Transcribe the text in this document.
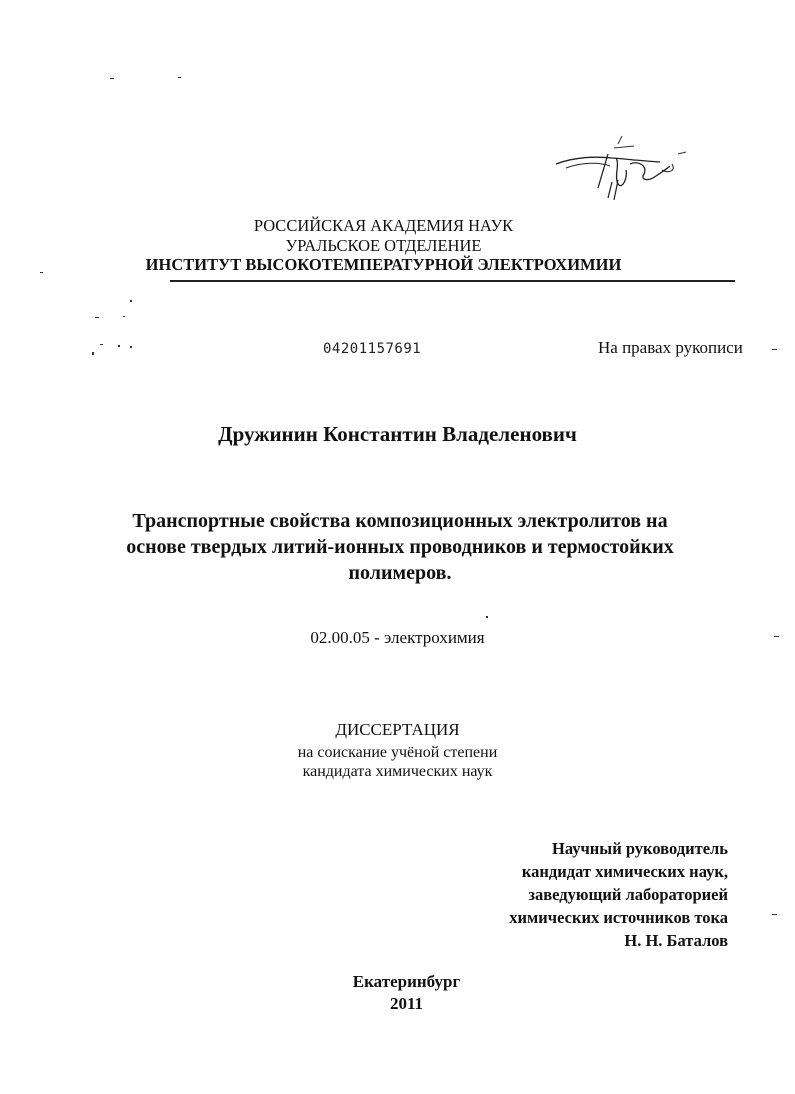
РОССИЙСКАЯ АКАДЕМИЯ НАУК
УРАЛЬСКОЕ ОТДЕЛЕНИЕ
ИНСТИТУТ ВЫСОКОТЕМПЕРАТУРНОЙ ЭЛЕКТРОХИМИИ
04201157691	На правах рукописи
Дружинин Константин Владеленович
Транспортные свойства композиционных электролитов на
основе твердых литий-ионных проводников и термостойких
полимеров.
02.00.05 - электрохимия
ДИССЕРТАЦИЯ
на соискание учёной степени
кандидата химических наук
Научный руководитель
кандидат химических наук,
заведующий лабораторией
химических источников тока
Н. Н. Баталов
Екатеринбург
2011
